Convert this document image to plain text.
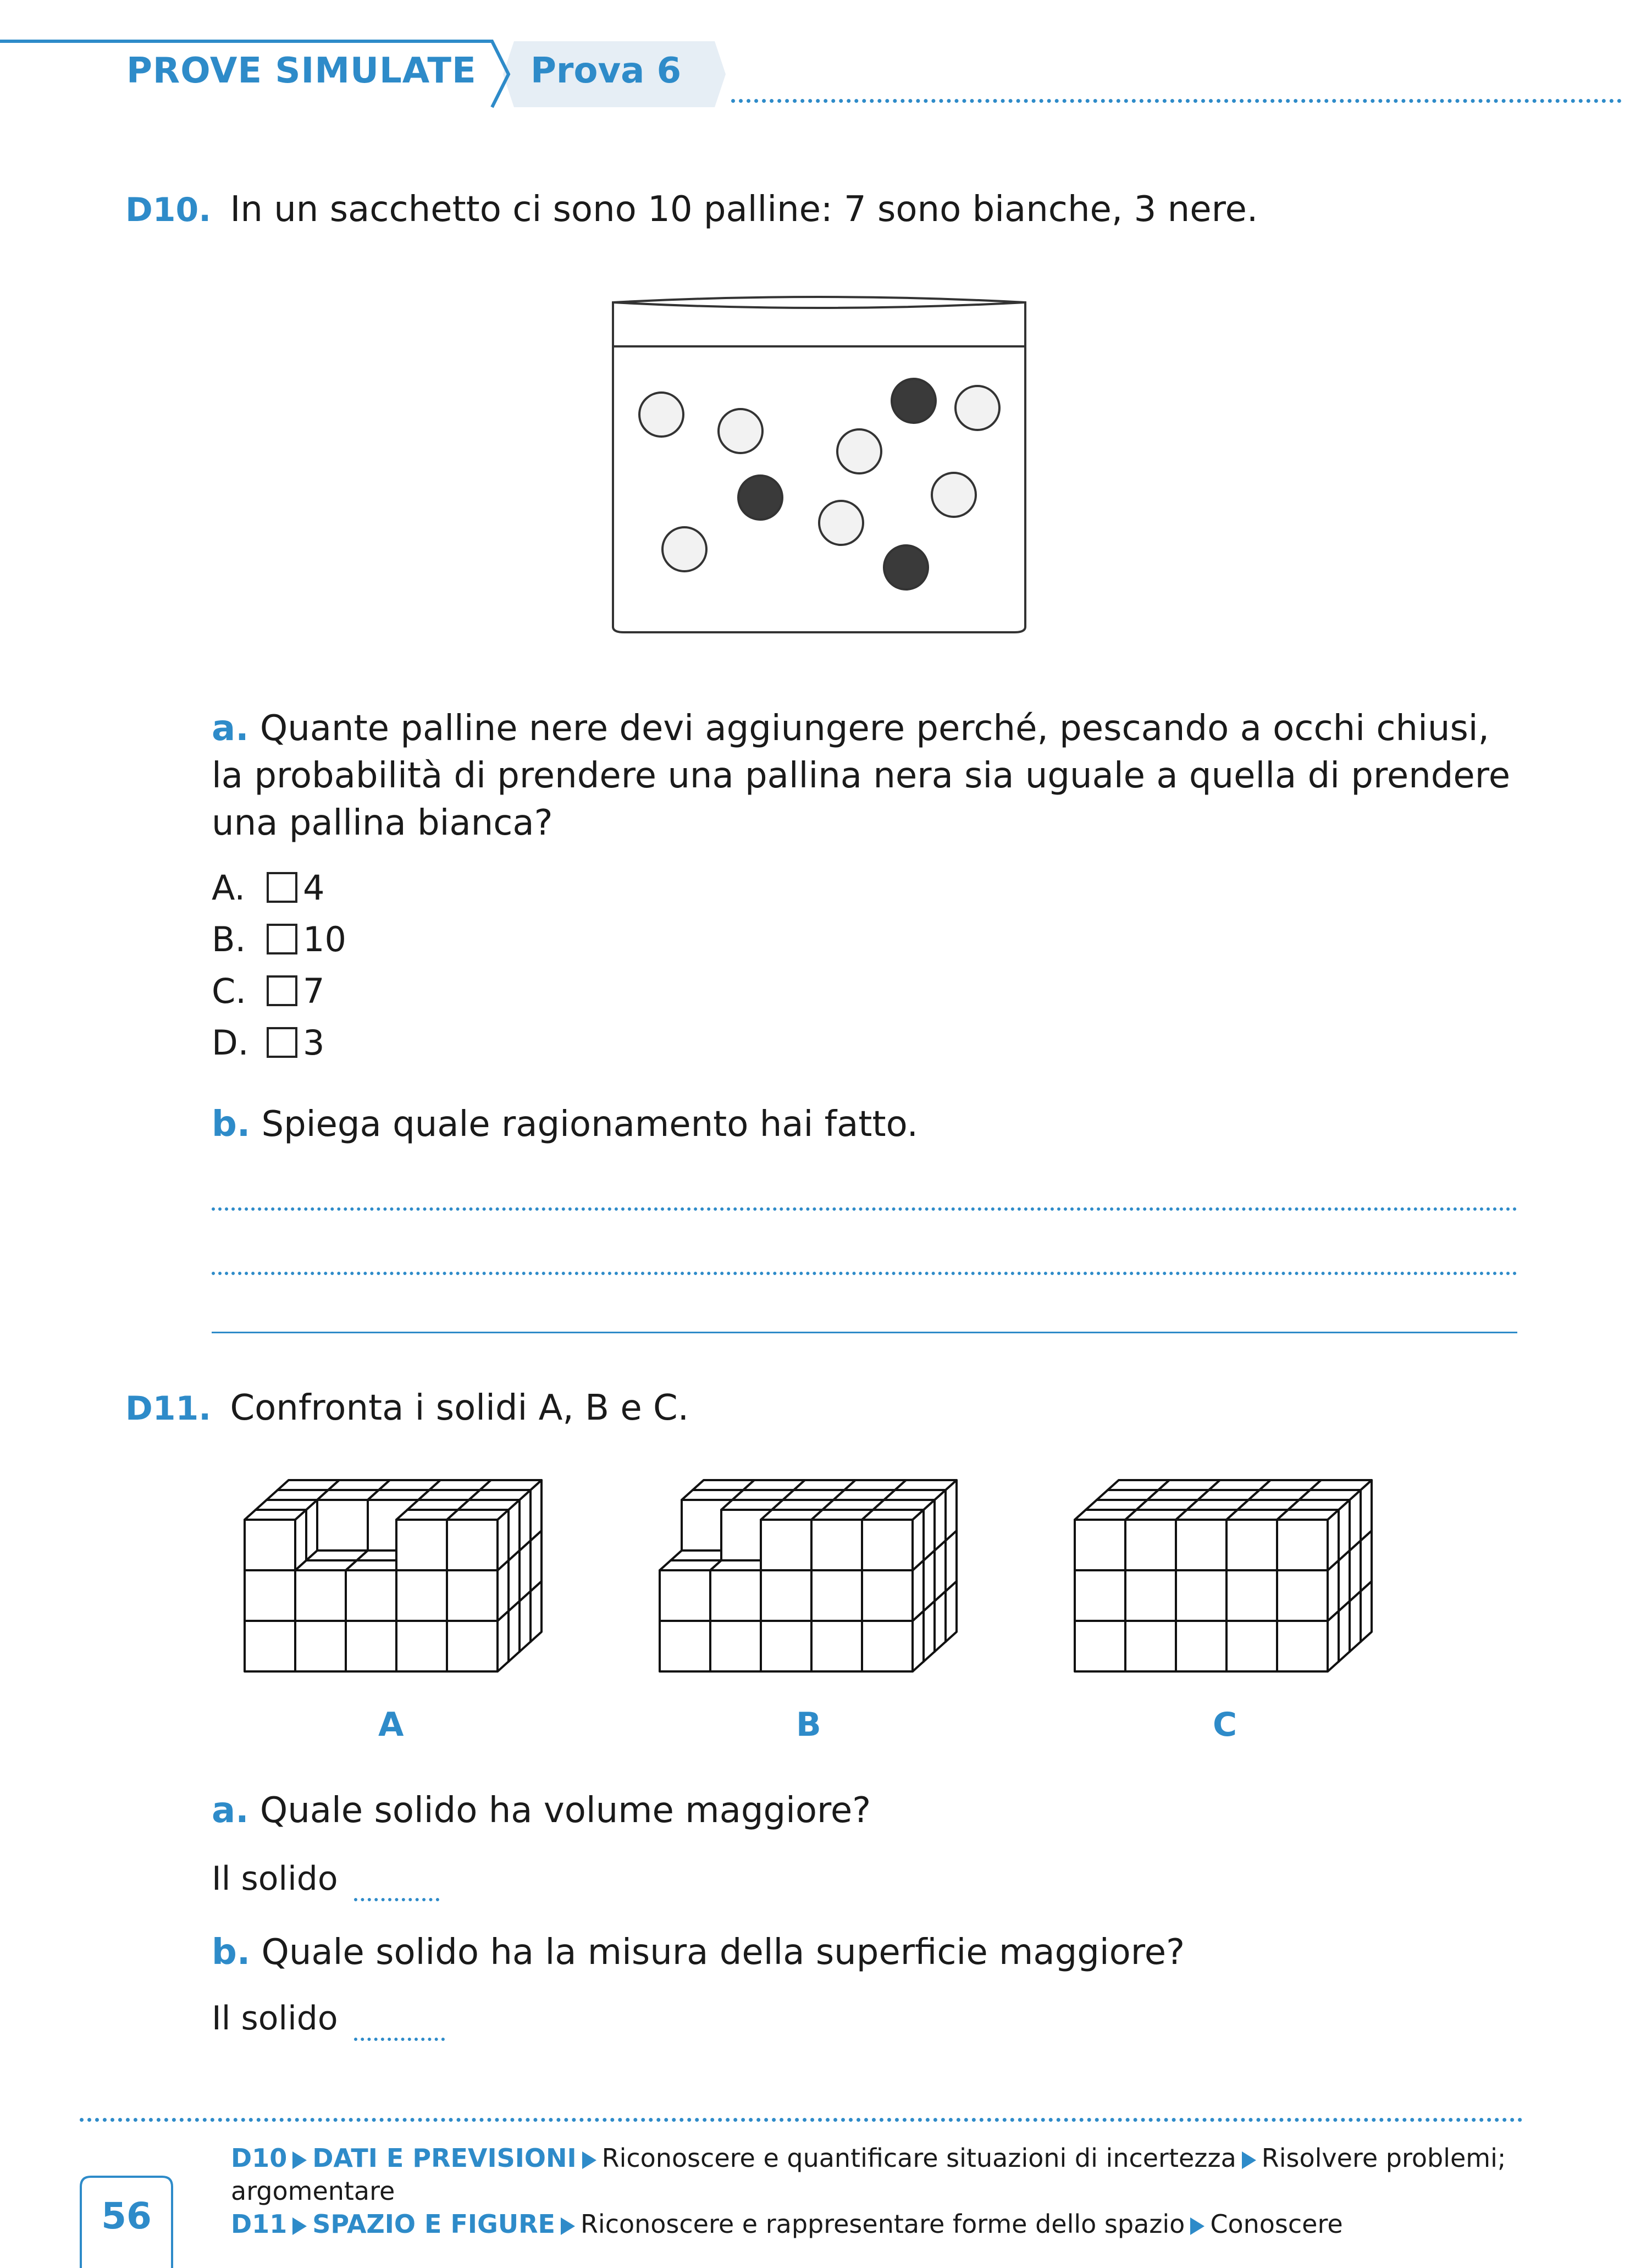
PROVE SIMULATE Prova 6
D10. In un sacchetto ci sono 10 palline: 7 sono bianche, 3 nere.
a. Quante palline nere devi aggiungere perché, pescando a occhi chiusi,
la probabilità di prendere una pallina nera sia uguale a quella di prendere
una pallina bianca?
A. 4
B. 10
C. 7
D. 3
b. Spiega quale ragionamento hai fatto.
D11. Confronta i solidi A, B e C.
A	B	C
a. Quale solido ha volume maggiore?
Il solido
b. Quale solido ha la misura della superficie maggiore?
Il solido
D10 DATI E PREVISIONI Riconoscere e quantificare situazioni di incertezza Risolvere problemi;
argomentare
D11 SPAZIO E FIGURE Riconoscere e rappresentare forme dello spazio Conoscere
56
